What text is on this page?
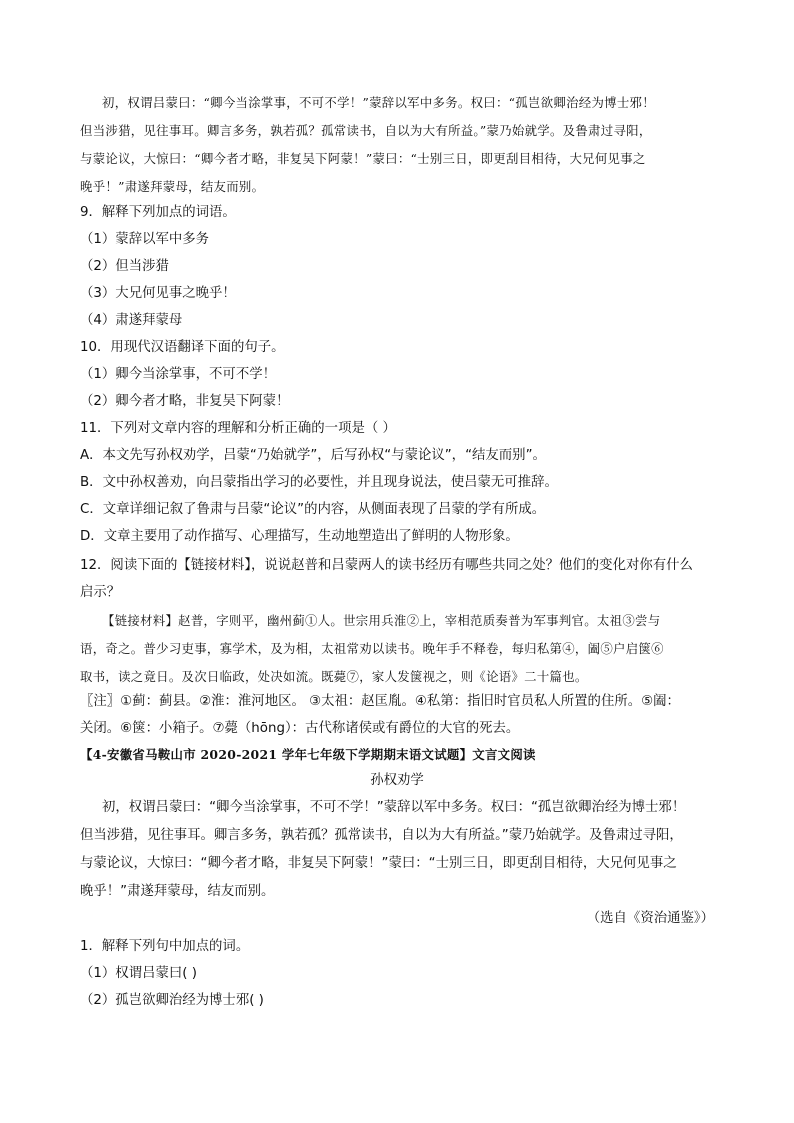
初，权谓吕蒙曰：“卿今当涂掌事，不可不学！”蒙辞以军中多务。权曰：“孤岂欲卿治经为博士邪！
但当涉猎，见往事耳。卿言多务，孰若孤？孤常读书，自以为大有所益。”蒙乃始就学。及鲁肃过寻阳，
与蒙论议，大惊曰：“卿今者才略，非复吴下阿蒙！”蒙曰：“士别三日，即更刮目相待，大兄何见事之
晚乎！”肃遂拜蒙母，结友而别。
9．解释下列加点的词语。
（1）蒙辞以军中多务
（2）但当涉猎
（3）大兄何见事之晚乎！
（4）肃遂拜蒙母
10．用现代汉语翻译下面的句子。
（1）卿今当涂掌事，不可不学！
（2）卿今者才略，非复吴下阿蒙！
11．下列对文章内容的理解和分析正确的一项是（ ）
A．本文先写孙权劝学，吕蒙“乃始就学”，后写孙权“与蒙论议”，“结友而别”。
B．文中孙权善劝，向吕蒙指出学习的必要性，并且现身说法，使吕蒙无可推辞。
C．文章详细记叙了鲁肃与吕蒙“论议”的内容，从侧面表现了吕蒙的学有所成。
D．文章主要用了动作描写、心理描写，生动地塑造出了鲜明的人物形象。
12．阅读下面的【链接材料】，说说赵普和吕蒙两人的读书经历有哪些共同之处？他们的变化对你有什么
启示？
【链接材料】赵普，字则平，幽州蓟①人。世宗用兵淮②上，宰相范质奏普为军事判官。太祖③尝与
语，奇之。普少习吏事，寡学术，及为相，太祖常劝以读书。晚年手不释卷，每归私第④，阖⑤户启箧⑥
取书，读之竟日。及次日临政，处决如流。既薨⑦，家人发箧视之，则《论语》二十篇也。
〖注〗①蓟：蓟县。②淮：淮河地区。 ③太祖：赵匡胤。④私第：指旧时官员私人所置的住所。⑤阖：
关闭。⑥箧：小箱子。⑦薨（hōng）：古代称诸侯或有爵位的大官的死去。
【4-安徽省马鞍山市 2020-2021 学年七年级下学期期末语文试题】文言文阅读
孙权劝学
初，权谓吕蒙曰：“卿今当涂掌事，不可不学！”蒙辞以军中多务。权曰：“孤岂欲卿治经为博士邪！
但当涉猎，见往事耳。卿言多务，孰若孤？孤常读书，自以为大有所益。”蒙乃始就学。及鲁肃过寻阳，
与蒙论议，大惊曰：“卿今者才略，非复吴下阿蒙！”蒙曰：“士别三日，即更刮目相待，大兄何见事之
晚乎！”肃遂拜蒙母，结友而别。
（选自《资治通鉴》）
1．解释下列句中加点的词。
（1）权谓吕蒙曰( )
（2）孤岂欲卿治经为博士邪( )
